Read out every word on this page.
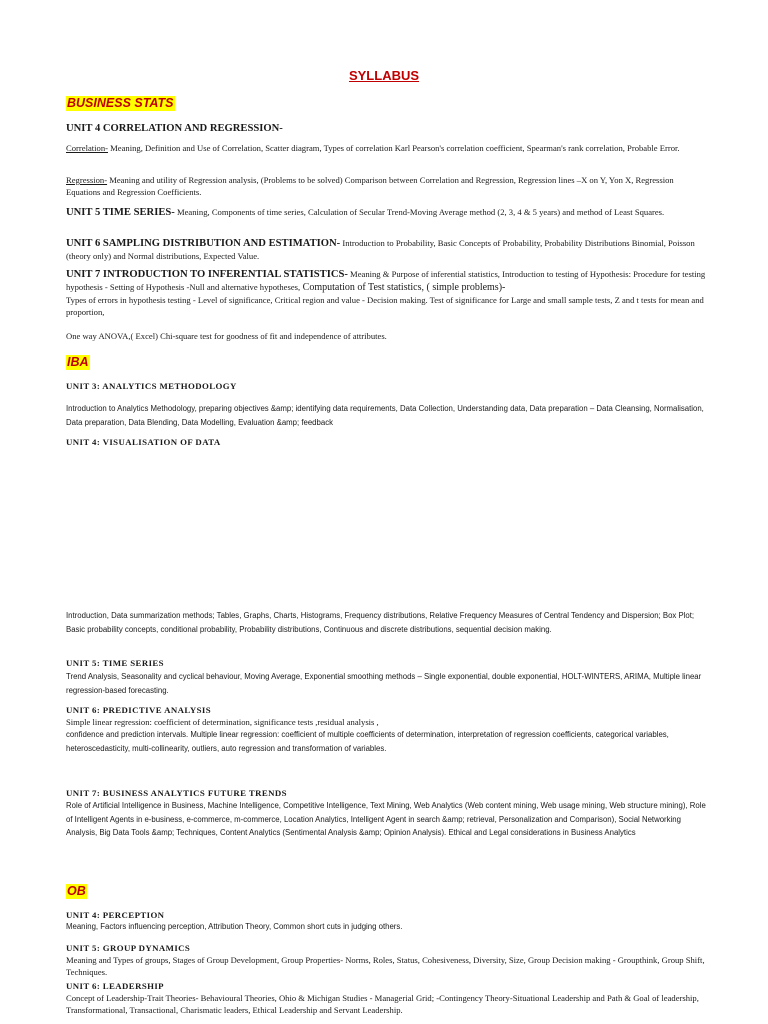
SYLLABUS
BUSINESS STATS

UNIT 4 CORRELATION AND REGRESSION-

Correlation- Meaning, Definition and Use of Correlation, Scatter diagram, Types of correlation Karl Pearson's correlation coefficient, Spearman's rank correlation, Probable Error.

Regression- Meaning and utility of Regression analysis, (Problems to be solved) Comparison between Correlation and Regression, Regression lines –X on Y, Yon X, Regression Equations and Regression Coefficients.

UNIT 5 TIME SERIES- Meaning, Components of time series, Calculation of Secular Trend-Moving Average method (2, 3, 4 & 5 years) and method of Least Squares.

UNIT 6 SAMPLING DISTRIBUTION AND ESTIMATION- Introduction to Probability, Basic Concepts of Probability, Probability Distributions Binomial, Poisson (theory only) and Normal distributions, Expected Value.

UNIT 7 INTRODUCTION TO INFERENTIAL STATISTICS- Meaning & Purpose of inferential statistics, Introduction to testing of Hypothesis: Procedure for testing hypothesis - Setting of Hypothesis -Null and alternative hypotheses, Computation of Test statistics, ( simple problems)-

Types of errors in hypothesis testing - Level of significance, Critical region and value - Decision making. Test of significance for Large and small sample tests, Z and t tests for mean and proportion,

One way ANOVA,( Excel) Chi-square test for goodness of fit and independence of attributes.

IBA

UNIT 3: ANALYTICS METHODOLOGY

Introduction to Analytics Methodology, preparing objectives &amp; identifying data requirements, Data Collection, Understanding data, Data preparation – Data Cleansing, Normalisation, Data preparation, Data Blending, Data Modelling, Evaluation &amp; feedback

UNIT 4: VISUALISATION OF DATA

Introduction, Data summarization methods; Tables, Graphs, Charts, Histograms, Frequency distributions, Relative Frequency Measures of Central Tendency and Dispersion; Box Plot; Basic probability concepts, conditional probability, Probability distributions, Continuous and discrete distributions, sequential decision making.

UNIT 5: TIME SERIES

Trend Analysis, Seasonality and cyclical behaviour, Moving Average, Exponential smoothing methods – Single exponential, double exponential, HOLT-WINTERS, ARIMA, Multiple linear regression-based forecasting.

UNIT 6: PREDICTIVE ANALYSIS

Simple linear regression: coefficient of determination, significance tests ,residual analysis ,

confidence and prediction intervals. Multiple linear regression: coefficient of multiple coefficients of determination, interpretation of regression coefficients, categorical variables, heteroscedasticity, multi-collinearity, outliers, auto regression and transformation of variables.

UNIT 7: BUSINESS ANALYTICS FUTURE TRENDS

Role of Artificial Intelligence in Business, Machine Intelligence, Competitive Intelligence, Text Mining, Web Analytics (Web content mining, Web usage mining, Web structure mining), Role of Intelligent Agents in e-business, e-commerce, m-commerce, Location Analytics, Intelligent Agent in search &amp; retrieval, Personalization and Comparison), Social Networking Analysis, Big Data Tools &amp; Techniques, Content Analytics (Sentimental Analysis &amp; Opinion Analysis). Ethical and Legal considerations in Business Analytics

OB

UNIT 4: PERCEPTION

Meaning, Factors influencing perception, Attribution Theory, Common short cuts in judging others.

UNIT 5: GROUP DYNAMICS

Meaning and Types of groups, Stages of Group Development, Group Properties- Norms, Roles, Status, Cohesiveness, Diversity, Size, Group Decision making - Groupthink, Group Shift, Techniques.

UNIT 6: LEADERSHIP

Concept of Leadership-Trait Theories- Behavioural Theories, Ohio & Michigan Studies - Managerial Grid; -Contingency Theory-Situational Leadership and Path & Goal of leadership, Transformational, Transactional, Charismatic leaders, Ethical Leadership and Servant Leadership.
